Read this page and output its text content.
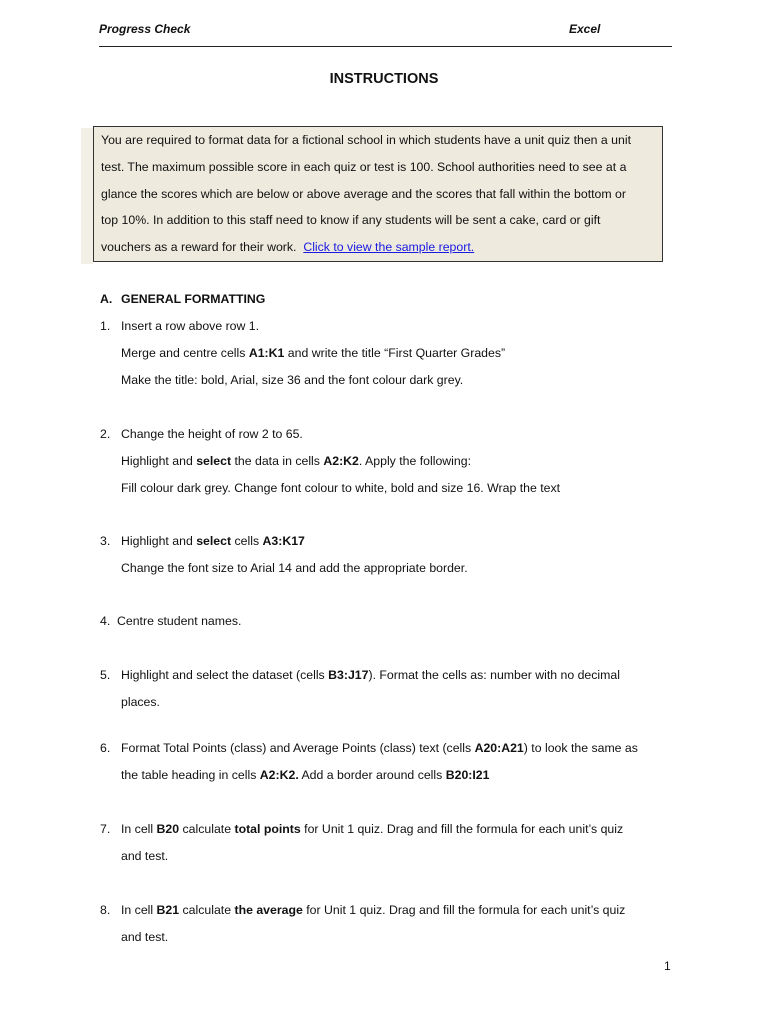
Progress Check	Excel
INSTRUCTIONS
You are required to format data for a fictional school in which students have a unit quiz then a unit
test. The maximum possible score in each quiz or test is 100. School authorities need to see at a
glance the scores which are below or above average and the scores that fall within the bottom or
top 10%. In addition to this staff need to know if any students will be sent a cake, card or gift
vouchers as a reward for their work. Click to view the sample report.
A. GENERAL FORMATTING
1. Insert a row above row 1.
Merge and centre cells A1:K1 and write the title “First Quarter Grades”
Make the title: bold, Arial, size 36 and the font colour dark grey.
2. Change the height of row 2 to 65.
Highlight and select the data in cells A2:K2. Apply the following:
Fill colour dark grey. Change font colour to white, bold and size 16. Wrap the text
3. Highlight and select cells A3:K17
Change the font size to Arial 14 and add the appropriate border.
4. Centre student names.
5. Highlight and select the dataset (cells B3:J17). Format the cells as: number with no decimal
places.
6. Format Total Points (class) and Average Points (class) text (cells A20:A21) to look the same as
the table heading in cells A2:K2. Add a border around cells B20:I21
7. In cell B20 calculate total points for Unit 1 quiz. Drag and fill the formula for each unit’s quiz
and test.
8. In cell B21 calculate the average for Unit 1 quiz. Drag and fill the formula for each unit’s quiz
and test.
1
